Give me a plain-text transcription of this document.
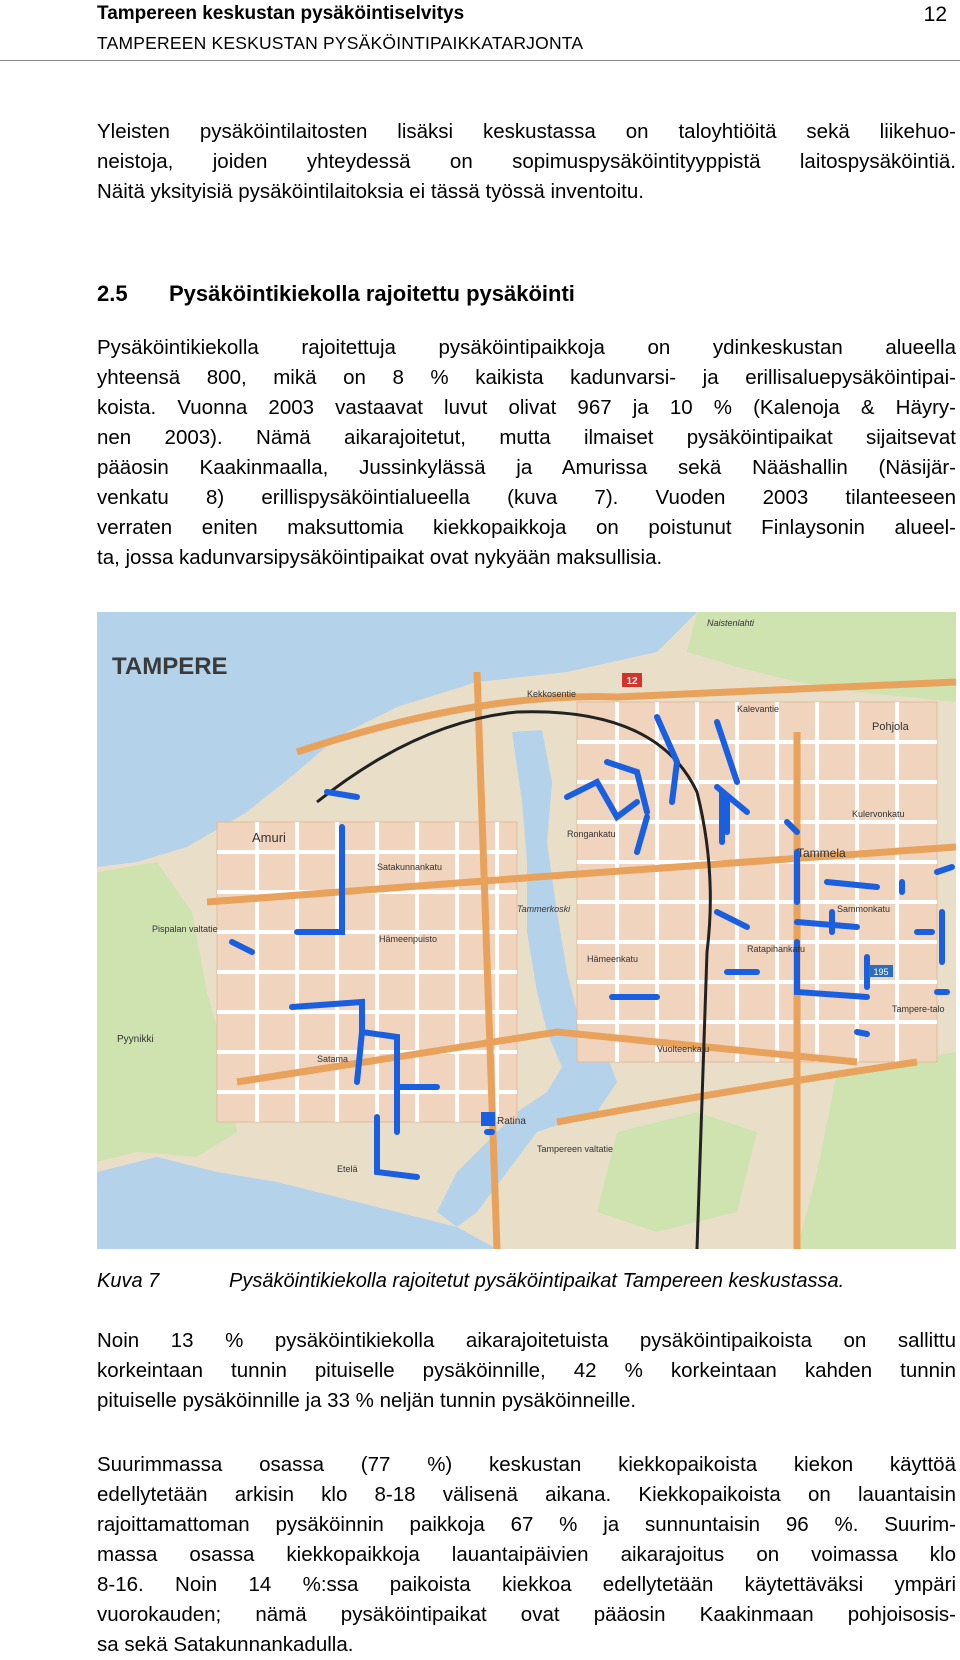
Tampereen keskustan pysäköintiselvitys
TAMPEREEN KESKUSTAN PYSÄKÖINTIPAIKKATARJONTA
12
Yleisten pysäköintilaitosten lisäksi keskustassa on taloyhtiöitä sekä liikehuo-
neistoja, joiden yhteydessä on sopimuspysäköintityyppistä laitospysäköintiä.
Näitä yksityisiä pysäköintilaitoksia ei tässä työssä inventoitu.
2.5 Pysäköintikiekolla rajoitettu pysäköinti
Pysäköintikiekolla rajoitettuja pysäköintipaikkoja on ydinkeskustan alueella
yhteensä 800, mikä on 8 % kaikista kadunvarsi- ja erillisaluepysäköintipai-
koista. Vuonna 2003 vastaavat luvut olivat 967 ja 10 % (Kalenoja & Häyry-
nen 2003). Nämä aikarajoitetut, mutta ilmaiset pysäköintipaikat sijaitsevat
pääosin Kaakinmaalla, Jussinkylässä ja Amurissa sekä Nääshallin (Näsijär-
venkatu 8) erillispysäköintialueella (kuva 7). Vuoden 2003 tilanteeseen
verraten eniten maksuttomia kiekkopaikkoja on poistunut Finlaysonin alueel-
ta, jossa kadunvarsipysäköintipaikat ovat nykyään maksullisia.
12
195
TAMPERE
Naistenlahti
Kekkosentie
Amuri
Satakunnankatu
Pispalan valtatie
Pyynikki
Satama
Ratina
Tampereen valtatie
Tammela
Kalevantie
Pohjola
Kulervonkatu
Ratapihankatu
Tampere-talo
Vuolteenkatu
Sammonkatu
Rongankatu
Hämeenkatu
Tammerkoski
Etelä
Hämeenpuisto
Kuva 7	Pysäköintikiekolla rajoitetut pysäköintipaikat Tampereen keskustassa.
Noin 13 % pysäköintikiekolla aikarajoitetuista pysäköintipaikoista on sallittu
korkeintaan tunnin pituiselle pysäköinnille, 42 % korkeintaan kahden tunnin
pituiselle pysäköinnille ja 33 % neljän tunnin pysäköinneille.
Suurimmassa osassa (77 %) keskustan kiekkopaikoista kiekon käyttöä
edellytetään arkisin klo 8-18 välisenä aikana. Kiekkopaikoista on lauantaisin
rajoittamattoman pysäköinnin paikkoja 67 % ja sunnuntaisin 96 %. Suurim-
massa osassa kiekkopaikkoja lauantaipäivien aikarajoitus on voimassa klo
8-16. Noin 14 %:ssa paikoista kiekkoa edellytetään käytettäväksi ympäri
vuorokauden; nämä pysäköintipaikat ovat pääosin Kaakinmaan pohjoisosis-
sa sekä Satakunnankadulla.
